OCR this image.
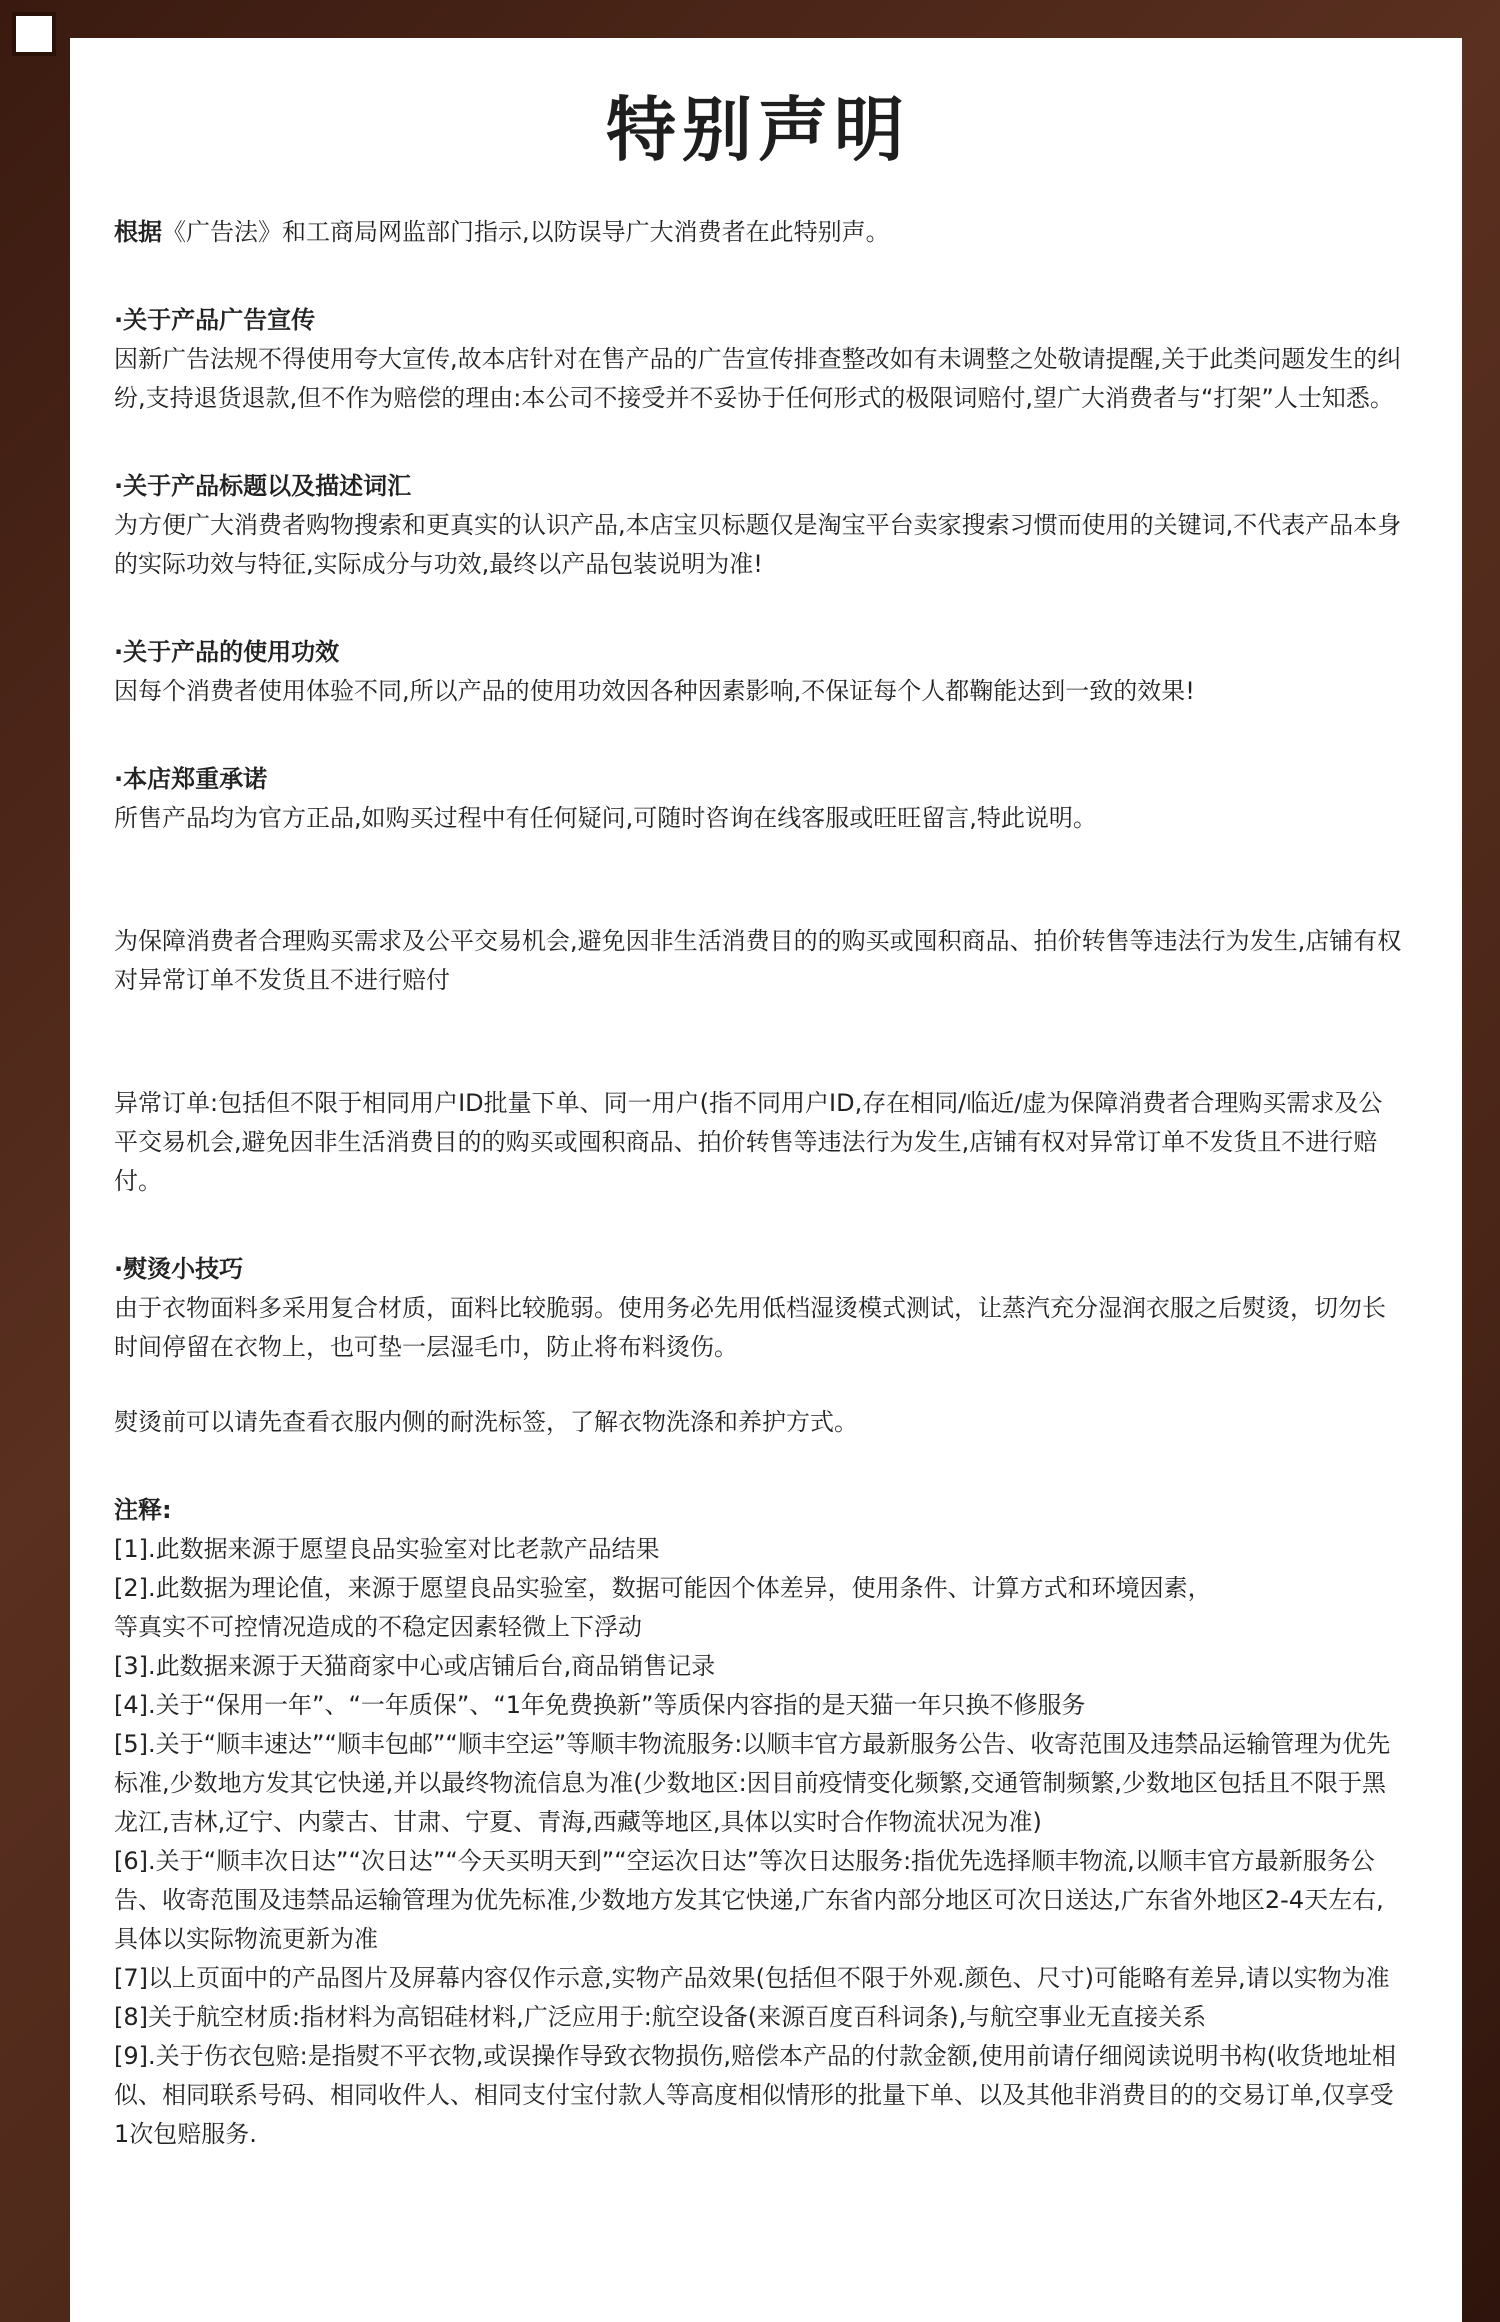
特别声明

根据《广告法》和工商局网监部门指示,以防误导广大消费者在此特别声。

·关于产品广告宣传

因新广告法规不得使用夸大宣传,故本店针对在售产品的广告宣传排查整改如有未调整之处敬请提醒,关于此类问题发生的纠纷,支持退货退款,但不作为赔偿的理由:本公司不接受并不妥协于任何形式的极限词赔付,望广大消费者与“打架”人士知悉。

·关于产品标题以及描述词汇

为方便广大消费者购物搜索和更真实的认识产品,本店宝贝标题仅是淘宝平台卖家搜索习惯而使用的关键词,不代表产品本身的实际功效与特征,实际成分与功效,最终以产品包装说明为准!

·关于产品的使用功效

因每个消费者使用体验不同,所以产品的使用功效因各种因素影响,不保证每个人都鞠能达到一致的效果!

·本店郑重承诺

所售产品均为官方正品,如购买过程中有任何疑问,可随时咨询在线客服或旺旺留言,特此说明。

为保障消费者合理购买需求及公平交易机会,避免因非生活消费目的的购买或囤积商品、拍价转售等违法行为发生,店铺有权对异常订单不发货且不进行赔付

异常订单:包括但不限于相同用户ID批量下单、同一用户(指不同用户ID,存在相同/临近/虚为保障消费者合理购买需求及公平交易机会,避免因非生活消费目的的购买或囤积商品、拍价转售等违法行为发生,店铺有权对异常订单不发货且不进行赔付。

·熨烫小技巧

由于衣物面料多采用复合材质，面料比较脆弱。使用务必先用低档湿烫模式测试，让蒸汽充分湿润衣服之后熨烫，切勿长时间停留在衣物上，也可垫一层湿毛巾，防止将布料烫伤。

熨烫前可以请先查看衣服内侧的耐洗标签，了解衣物洗涤和养护方式。

注释:

[1].此数据来源于愿望良品实验室对比老款产品结果

[2].此数据为理论值，来源于愿望良品实验室，数据可能因个体差异，使用条件、计算方式和环境因素，

等真实不可控情况造成的不稳定因素轻微上下浮动

[3].此数据来源于天猫商家中心或店铺后台,商品销售记录

[4].关于“保用一年”、“一年质保”、“1年免费换新”等质保内容指的是天猫一年只换不修服务

[5].关于“顺丰速达”“顺丰包邮”“顺丰空运”等顺丰物流服务:以顺丰官方最新服务公告、收寄范围及违禁品运输管理为优先标准,少数地方发其它快递,并以最终物流信息为准(少数地区:因目前疫情变化频繁,交通管制频繁,少数地区包括且不限于黑龙江,吉林,辽宁、内蒙古、甘肃、宁夏、青海,西藏等地区,具体以实时合作物流状况为准)

[6].关于“顺丰次日达”“次日达”“今天买明天到”“空运次日达”等次日达服务:指优先选择顺丰物流,以顺丰官方最新服务公告、收寄范围及违禁品运输管理为优先标准,少数地方发其它快递,广东省内部分地区可次日送达,广东省外地区2-4天左右,具体以实际物流更新为准

[7]以上页面中的产品图片及屏幕内容仅作示意,实物产品效果(包括但不限于外观.颜色、尺寸)可能略有差异,请以实物为准

[8]关于航空材质:指材料为高铝硅材料,广泛应用于:航空设备(来源百度百科词条),与航空事业无直接关系

[9].关于伤衣包赔:是指熨不平衣物,或误操作导致衣物损伤,赔偿本产品的付款金额,使用前请仔细阅读说明书构(收货地址相似、相同联系号码、相同收件人、相同支付宝付款人等高度相似情形的批量下单、以及其他非消费目的的交易订单,仅享受1次包赔服务.
